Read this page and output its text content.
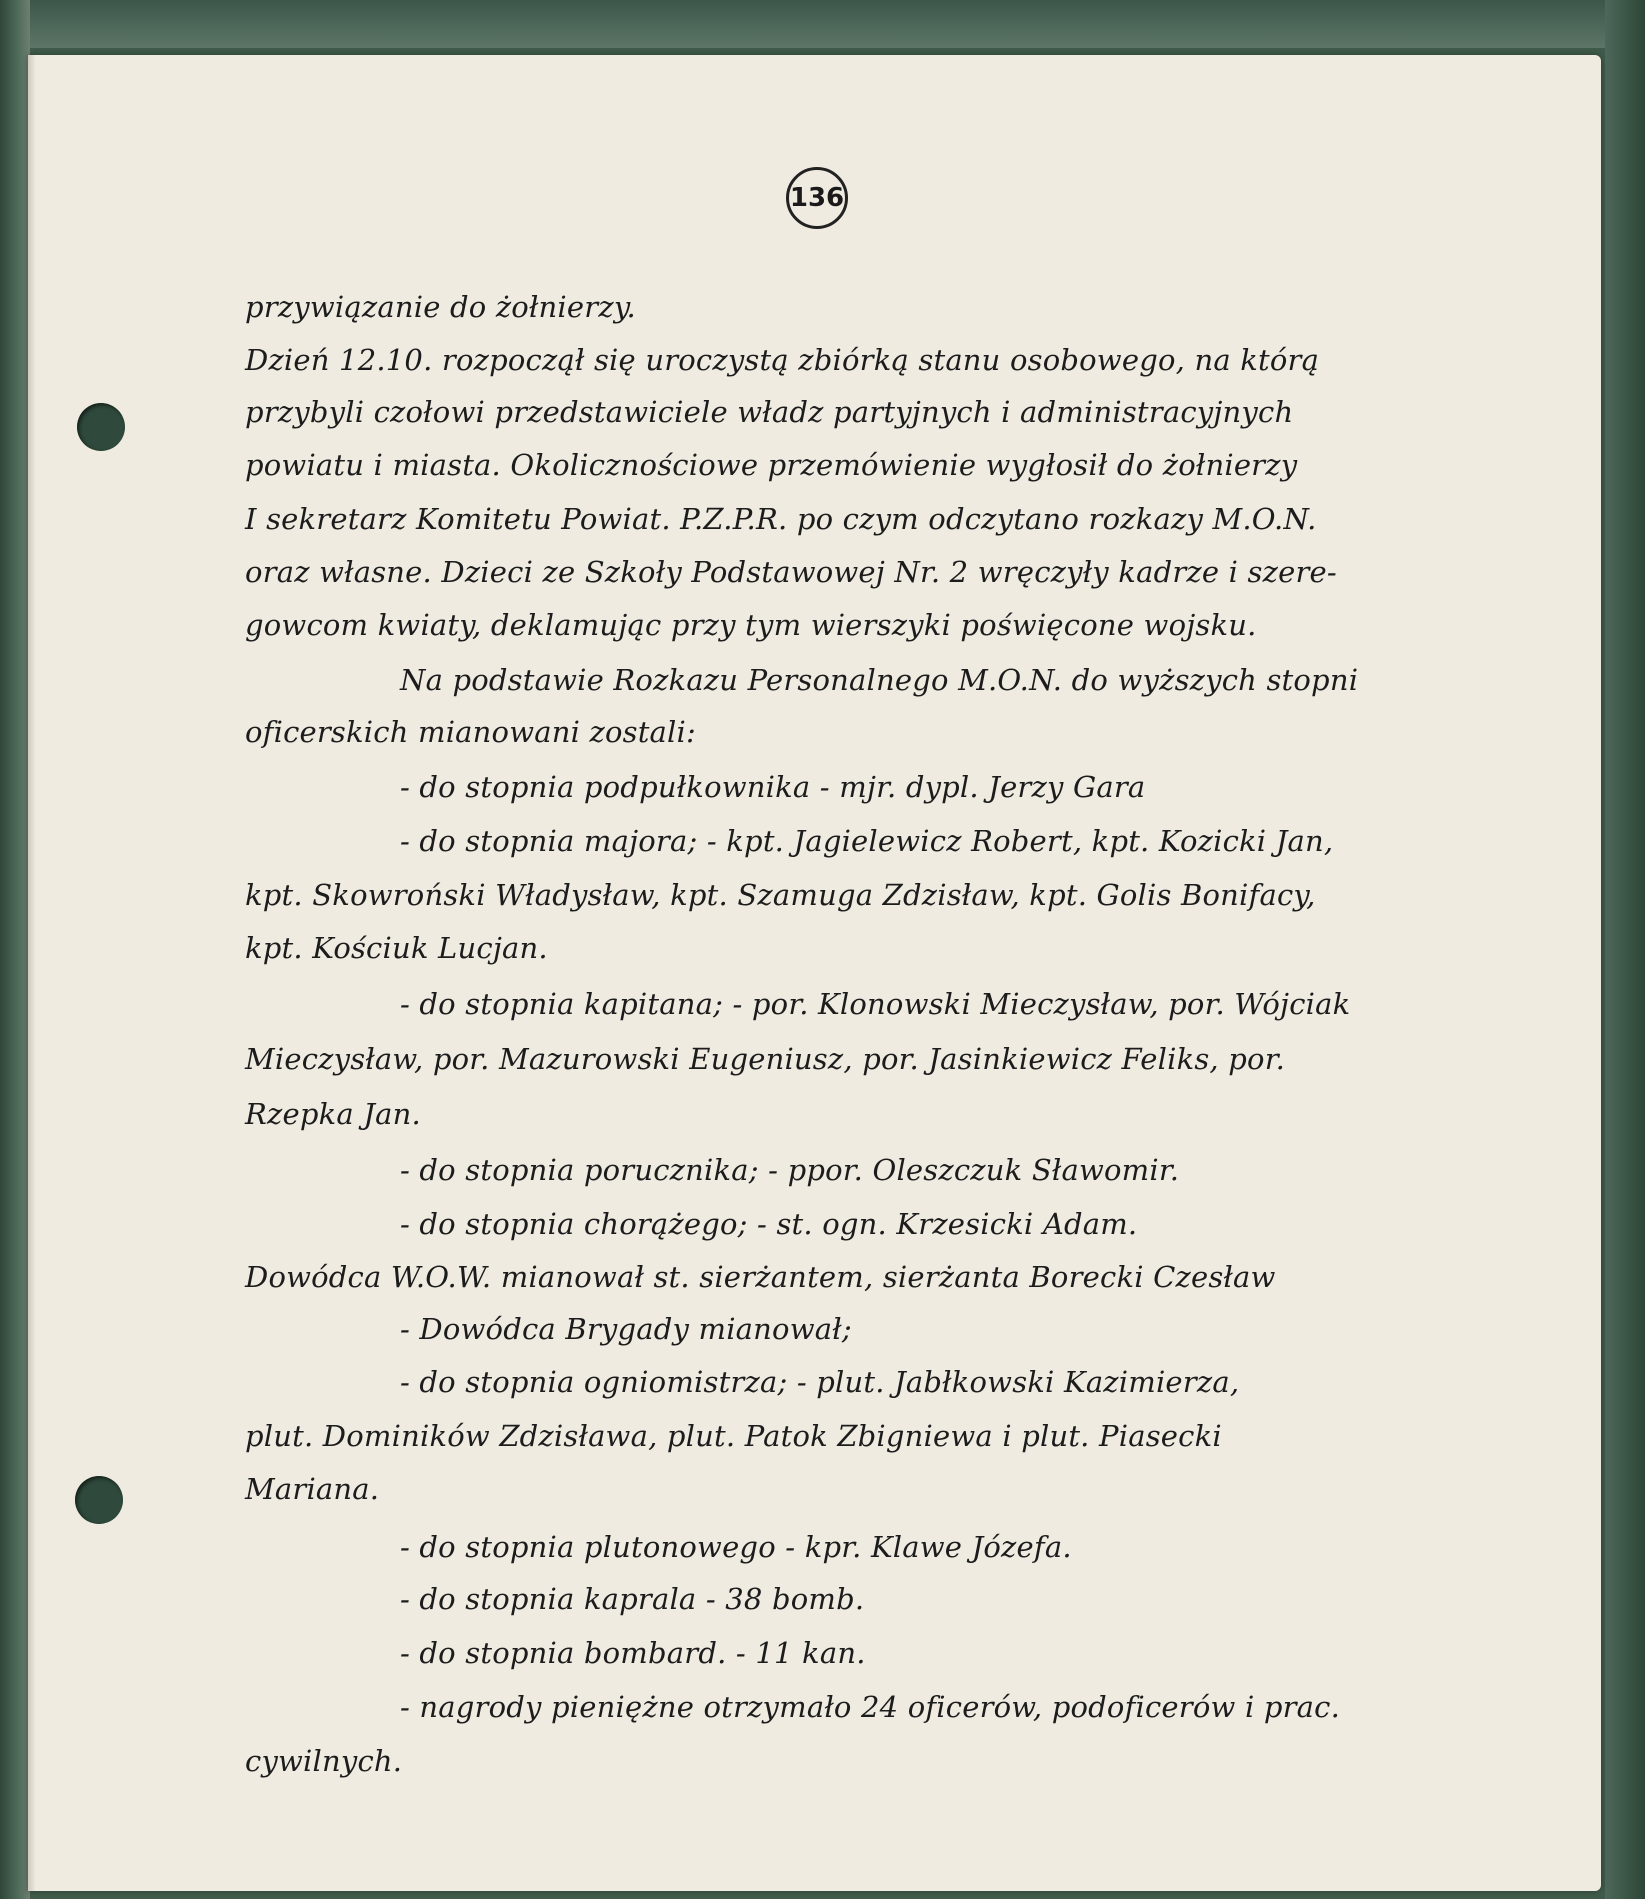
136
przywiązanie do żołnierzy.
Dzień 12.10. rozpoczął się uroczystą zbiórką stanu osobowego, na którą
przybyli czołowi przedstawiciele władz partyjnych i administracyjnych
powiatu i miasta. Okolicznościowe przemówienie wygłosił do żołnierzy
I sekretarz Komitetu Powiat. P.Z.P.R. po czym odczytano rozkazy M.O.N.
oraz własne. Dzieci ze Szkoły Podstawowej Nr. 2 wręczyły kadrze i szere-
gowcom kwiaty, deklamując przy tym wierszyki poświęcone wojsku.
Na podstawie Rozkazu Personalnego M.O.N. do wyższych stopni
oficerskich mianowani zostali:
- do stopnia podpułkownika - mjr. dypl. Jerzy Gara
- do stopnia majora; - kpt. Jagielewicz Robert, kpt. Kozicki Jan,
kpt. Skowroński Władysław, kpt. Szamuga Zdzisław, kpt. Golis Bonifacy,
kpt. Kościuk Lucjan.
- do stopnia kapitana; - por. Klonowski Mieczysław, por. Wójciak
Mieczysław, por. Mazurowski Eugeniusz, por. Jasinkiewicz Feliks, por.
Rzepka Jan.
- do stopnia porucznika; - ppor. Oleszczuk Sławomir.
- do stopnia chorążego; - st. ogn. Krzesicki Adam.
Dowódca W.O.W. mianował st. sierżantem, sierżanta Borecki Czesław
- Dowódca Brygady mianował;
- do stopnia ogniomistrza; - plut. Jabłkowski Kazimierza,
plut. Dominików Zdzisława, plut. Patok Zbigniewa i plut. Piasecki
Mariana.
- do stopnia plutonowego - kpr. Klawe Józefa.
- do stopnia kaprala - 38 bomb.
- do stopnia bombard. - 11 kan.
- nagrody pieniężne otrzymało 24 oficerów, podoficerów i prac.
cywilnych.
